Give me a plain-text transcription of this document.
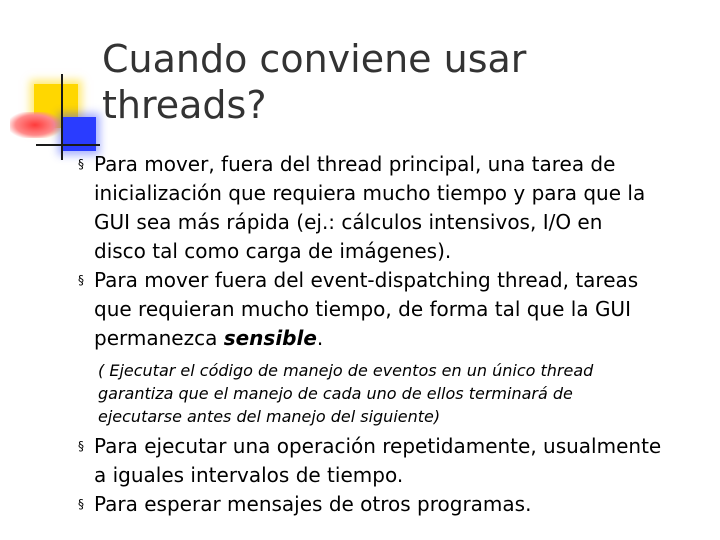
Cuando conviene usar
threads?
§ Para mover, fuera del thread principal, una tarea de
inicialización que requiera mucho tiempo y para que la
GUI sea más rápida (ej.: cálculos intensivos, I/O en
disco tal como carga de imágenes).
§ Para mover fuera del event-dispatching thread, tareas
que requieran mucho tiempo, de forma tal que la GUI
permanezca sensible.
( Ejecutar el código de manejo de eventos en un único thread
garantiza que el manejo de cada uno de ellos terminará de
ejecutarse antes del manejo del siguiente)
§ Para ejecutar una operación repetidamente, usualmente
a iguales intervalos de tiempo.
§ Para esperar mensajes de otros programas.
